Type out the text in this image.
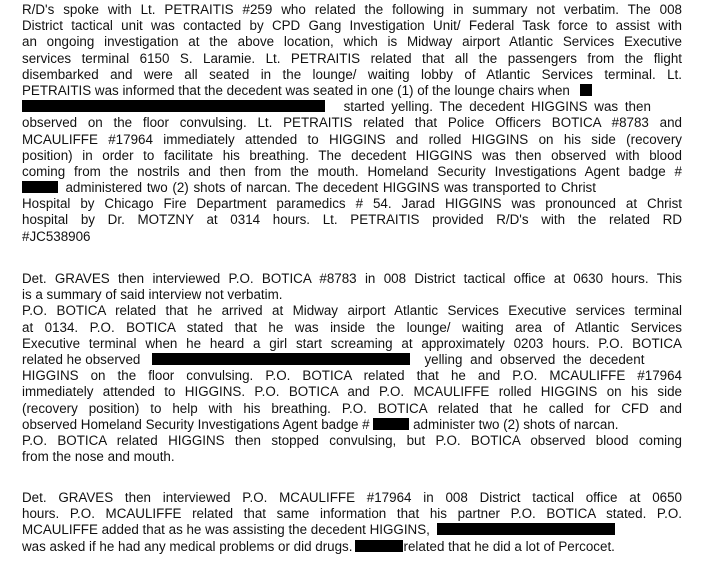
R/D's spoke with Lt. PETRAITIS #259 who related the following in summary not verbatim. The 008
District tactical unit was contacted by CPD Gang Investigation Unit/ Federal Task force to assist with
an ongoing investigation at the above location, which is Midway airport Atlantic Services Executive
services terminal 6150 S. Laramie. Lt. PETRAITIS related that all the passengers from the flight
disembarked and were all seated in the lounge/ waiting lobby of Atlantic Services terminal. Lt.
PETRAITIS was informed that the decedent was seated in one (1) of the lounge chairs when
started yelling. The decedent HIGGINS was then
observed on the floor convulsing. Lt. PETRAITIS related that Police Officers BOTICA #8783 and
MCAULIFFE #17964 immediately attended to HIGGINS and rolled HIGGINS on his side (recovery
position) in order to facilitate his breathing. The decedent HIGGINS was then observed with blood
coming from the nostrils and then from the mouth. Homeland Security Investigations Agent badge #
administered two (2) shots of narcan. The decedent HIGGINS was transported to Christ
Hospital by Chicago Fire Department paramedics # 54. Jarad HIGGINS was pronounced at Christ
hospital by Dr. MOTZNY at 0314 hours. Lt. PETRAITIS provided R/D's with the related RD
#JC538906
Det. GRAVES then interviewed P.O. BOTICA #8783 in 008 District tactical office at 0630 hours. This
is a summary of said interview not verbatim.
P.O. BOTICA related that he arrived at Midway airport Atlantic Services Executive services terminal
at 0134. P.O. BOTICA stated that he was inside the lounge/ waiting area of Atlantic Services
Executive terminal when he heard a girl start screaming at approximately 0203 hours. P.O. BOTICA
related he observed	yelling and observed the decedent
HIGGINS on the floor convulsing. P.O. BOTICA related that he and P.O. MCAULIFFE #17964
immediately attended to HIGGINS. P.O. BOTICA and P.O. MCAULIFFE rolled HIGGINS on his side
(recovery position) to help with his breathing. P.O. BOTICA related that he called for CFD and
observed Homeland Security Investigations Agent badge #	administer two (2) shots of narcan.
P.O. BOTICA related HIGGINS then stopped convulsing, but P.O. BOTICA observed blood coming
from the nose and mouth.
Det. GRAVES then interviewed P.O. MCAULIFFE #17964 in 008 District tactical office at 0650
hours. P.O. MCAULIFFE related that same information that his partner P.O. BOTICA stated. P.O.
MCAULIFFE added that as he was assisting the decedent HIGGINS,
was asked if he had any medical problems or did drugs.	related that he did a lot of Percocet.
